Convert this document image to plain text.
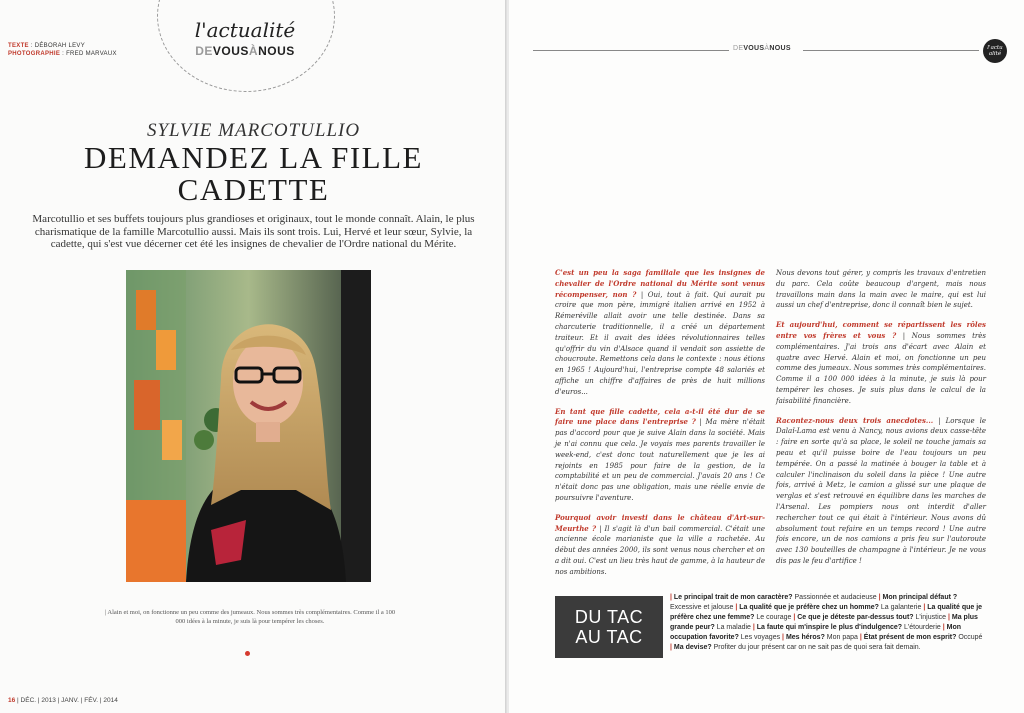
TEXTE : DÉBORAH LEVY
PHOTOGRAPHIE : FRED MARVAUX
l'actualité
DEVOUSÀNOUS
SYLVIE MARCOTULLIO
DEMANDEZ LA FILLE
CADETTE
Marcotullio et ses buffets toujours plus grandioses et originaux, tout le monde connaît. Alain, le plus charismatique de la famille Marcotullio aussi. Mais ils sont trois. Lui, Hervé et leur sœur, Sylvie, la cadette, qui s'est vue décerner cet été les insignes de chevalier de l'Ordre national du Mérite.
| Alain et moi, on fonctionne un peu comme des jumeaux. Nous sommes très complémentaires. Comme il a 100 000 idées à la minute, je suis là pour tempérer les choses.
16 | DÉC. | 2013 | JANV. | FÉV. | 2014
DEVOUSÀNOUS	l'actu alité

C'est un peu la saga familiale que les insignes de chevalier de l'Ordre national du Mérite sont venus récompenser, non ? | Oui, tout à fait. Qui aurait pu croire que mon père, immigré italien arrivé en 1952 à Rémeréville allait avoir une telle destinée. Dans sa charcuterie traditionnelle, il a créé un département traiteur. Et il avait des idées révolutionnaires telles qu'offrir du vin d'Alsace quand il vendait son assiette de choucroute. Remettons cela dans le contexte : nous étions en 1965 ! Aujourd'hui, l'entreprise compte 48 salariés et affiche un chiffre d'affaires de près de huit millions d'euros...

En tant que fille cadette, cela a-t-il été dur de se faire une place dans l'entreprise ? | Ma mère n'était pas d'accord pour que je suive Alain dans la société. Mais je n'ai connu que cela. Je voyais mes parents travailler le week-end, c'est donc tout naturellement que je les ai rejoints en 1985 pour faire de la gestion, de la comptabilité et un peu de commercial. J'avais 20 ans ! Ce n'était donc pas une obligation, mais une réelle envie de poursuivre l'aventure.

Pourquoi avoir investi dans le château d'Art-sur-Meurthe ? | Il s'agit là d'un bail commercial. C'était une ancienne école marianiste que la ville a rachetée. Au début des années 2000, ils sont venus nous chercher et on a dit oui. C'est un lieu très haut de gamme, à la hauteur de nos ambitions.

Nous devons tout gérer, y compris les travaux d'entretien du parc. Cela coûte beaucoup d'argent, mais nous travaillons main dans la main avec le maire, qui est lui aussi un chef d'entreprise, donc il connaît bien le sujet.

Et aujourd'hui, comment se répartissent les rôles entre vos frères et vous ? | Nous sommes très complémentaires. J'ai trois ans d'écart avec Alain et quatre avec Hervé. Alain et moi, on fonctionne un peu comme des jumeaux. Nous sommes très complémentaires. Comme il a 100 000 idées à la minute, je suis là pour tempérer les choses. Je suis plus dans le calcul de la faisabilité financière.

Racontez-nous deux trois anecdotes... | Lorsque le Dalaï-Lama est venu à Nancy, nous avions deux casse-tête : faire en sorte qu'à sa place, le soleil ne touche jamais sa peau et qu'il puisse boire de l'eau toujours un peu tempérée. On a passé la matinée à bouger la table et à calculer l'inclinaison du soleil dans la pièce ! Une autre fois, arrivé à Metz, le camion a glissé sur une plaque de verglas et s'est retrouvé en équilibre dans les marches de l'Arsenal. Les pompiers nous ont interdit d'aller rechercher tout ce qui était à l'intérieur. Nous avons dû absolument tout refaire en un temps record ! Une autre fois encore, un de nos camions a pris feu sur l'autoroute avec 130 bouteilles de champagne à l'intérieur. Je ne vous dis pas le feu d'artifice !

DU TAC
AU TAC
| Le principal trait de mon caractère? Passionnée et audacieuse | Mon principal défaut ? Excessive et jalouse | La qualité que je préfère chez un homme? La galanterie | La qualité que je préfère chez une femme? Le courage | Ce que je déteste par-dessus tout? L'injustice | Ma plus grande peur? La maladie | La faute qui m'inspire le plus d'indulgence? L'étourderie | Mon occupation favorite? Les voyages | Mes héros? Mon papa | État présent de mon esprit? Occupé | Ma devise? Profiter du jour présent car on ne sait pas de quoi sera fait demain.
